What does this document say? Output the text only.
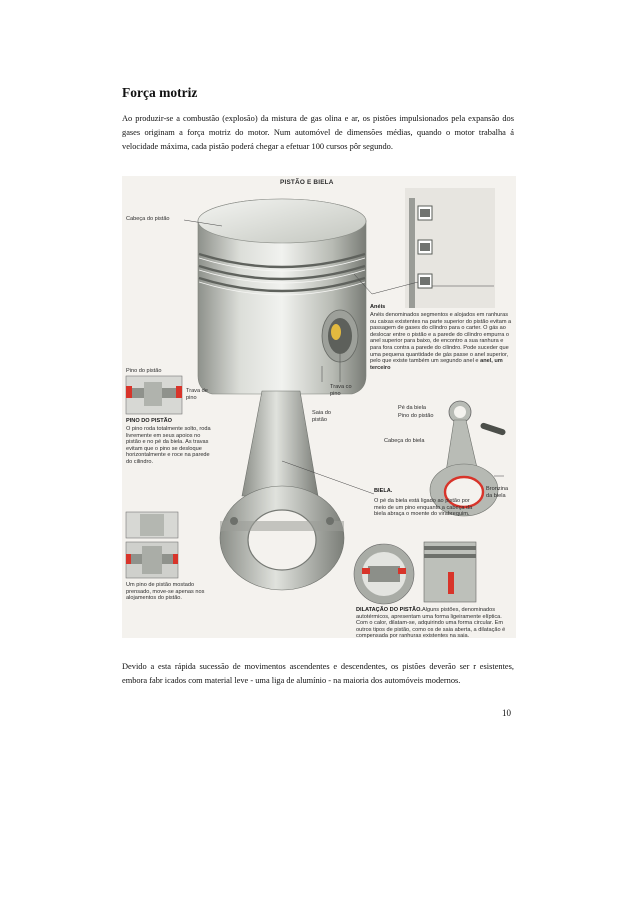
Força motriz

Ao produzir-se a combustão (explosão) da mistura de gas olina e ar, os pistões impulsionados pela expansão dos gases originam a força motriz do motor. Num automóvel de dimensões médias, quando o motor trabalha á velocidade máxima, cada pistão poderá chegar a efetuar 100 cursos pôr segundo.

PISTÃO E BIELA
Cabeça do pistão
Anéis
Anéis denominados segmentos e alojados em ranhuras ou caixas existentes na parte superior do pistão evitam a passagem de gases do cilindro para o carter. O gás ao deslocar entre o pistão e a parede do cilindro empurra o anel superior para baixo, de encontro a sua ranhura e para fora contra a parede do cilindro. Pode suceder que uma pequena quantidade de gás passe o anel superior, pelo que existe também um segundo anel e anel, um terceiro
Pino do pistão
Trava de pino
Trava co pino
Saia do pistão
PINO DO PISTÃO
O pino roda totalmente solto, roda livremente em seus apoios no pistão e no pé da biela. As travas evitam que o pino se desloque horizontalmente e roce na parede do cilindro.
Pé da biela
Pino do pistão
Cabeça do biela
Bronzina da biela
BIELA.
O pé da biela está ligado ao pistão por meio de um pino enquanto a cabeça da biela abraça o moente do virabrequim.
Um pino de pistão mostado prensado, move-se apenas nos alojamentos do pistão.
DILATAÇÃO DO PISTÃO. Alguns pistões, denominados autotérmicos, apresentam uma forma ligeiramente elíptica. Com o calor, dilatam-se, adquirindo uma forma circular. Em outros tipos de pistão, como os de saia aberta, a dilatação é compensada por ranhuras existentes na saia.

Devido a esta rápida sucessão de movimentos ascendentes e descendentes, os pistões deverão ser r esistentes, embora fabr icados com material leve - uma liga de alumínio - na maioria dos automóveis modernos.

10
